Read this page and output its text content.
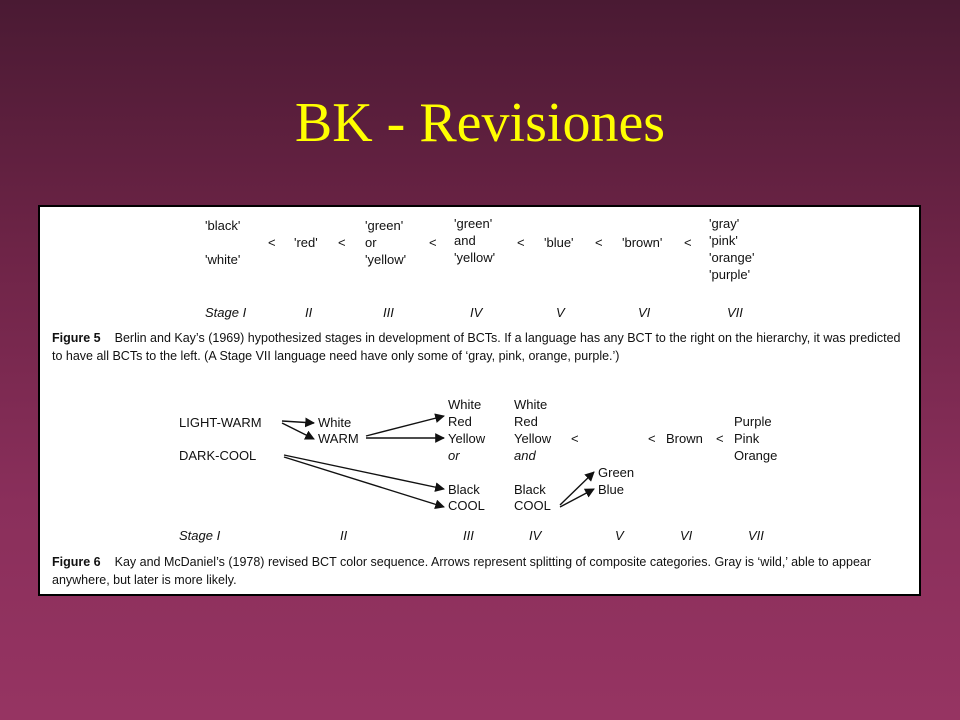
BK - Revisiones
'black'
'white'
< 'red' <
'green'
or
'yellow'
<
'green'
and
'yellow'
< 'blue' < 'brown' <
'gray'
'pink'
'orange'
'purple'
Stage I	II	III	IV	V	VI	VII
LIGHT-WARM
DARK-COOL
White
WARM
White
Red
Yellow
or
Black
COOL
White
Red
Yellow
and
Black
COOL
<
Green
Blue
< Brown <
Purple
Pink
Orange
Stage I	II	III	IV	V	VI	VII
Figure 5 Berlin and Kay’s (1969) hypothesized stages in development of BCTs. If a language has any BCT to the right on the hierarchy, it was predicted to have all BCTs to the left. (A Stage VII language need have only some of ‘gray, pink, orange, purple.’)
Figure 6 Kay and McDaniel’s (1978) revised BCT color sequence. Arrows represent splitting of composite categories. Gray is ‘wild,’ able to appear anywhere, but later is more likely.
